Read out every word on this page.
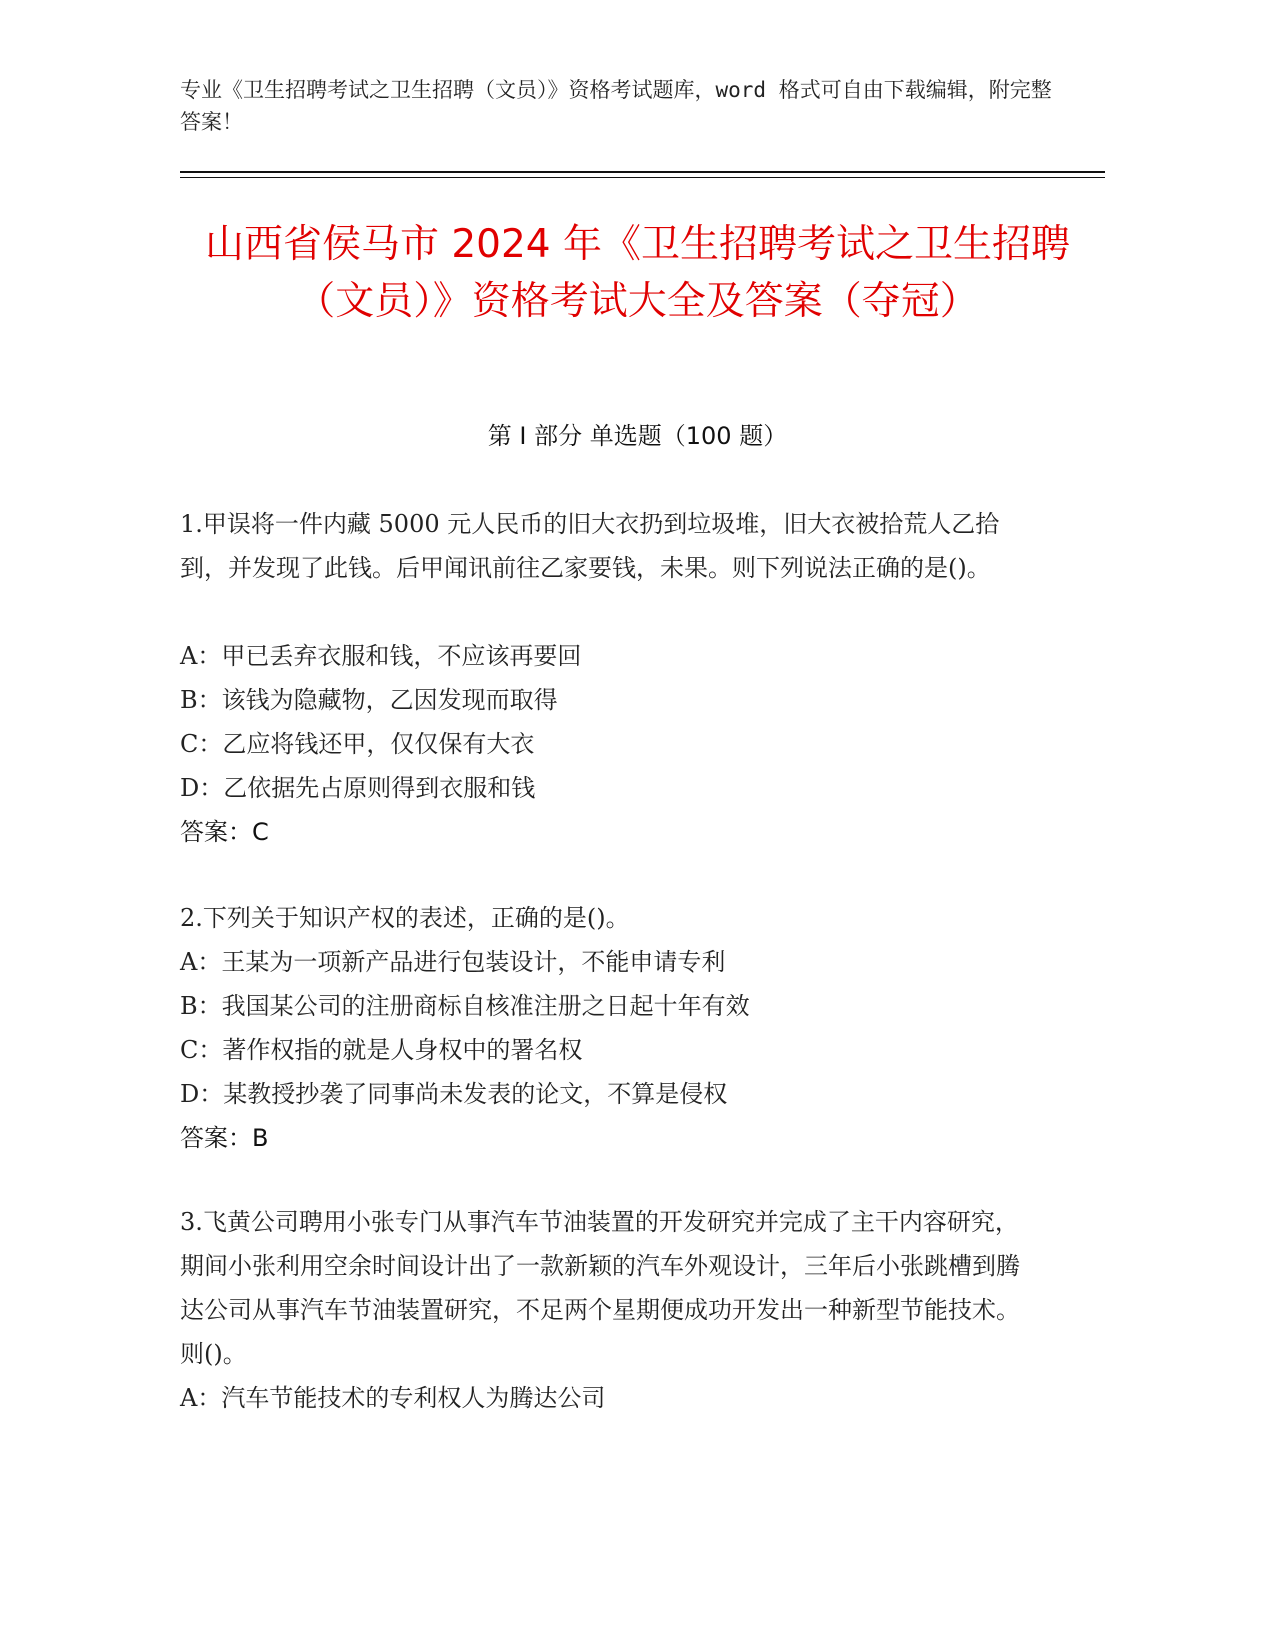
专业《卫生招聘考试之卫生招聘（文员）》资格考试题库，word 格式可自由下载编辑，附完整答案！
山西省侯马市 2024 年《卫生招聘考试之卫生招聘（文员）》资格考试大全及答案（夺冠）
第 I 部分 单选题（100 题）

1.甲误将一件内藏 5000 元人民币的旧大衣扔到垃圾堆，旧大衣被拾荒人乙拾到，并发现了此钱。后甲闻讯前往乙家要钱，未果。则下列说法正确的是()。

A：甲已丢弃衣服和钱，不应该再要回
B：该钱为隐藏物，乙因发现而取得
C：乙应将钱还甲，仅仅保有大衣
D：乙依据先占原则得到衣服和钱
答案：C

2.下列关于知识产权的表述，正确的是()。

A：王某为一项新产品进行包装设计，不能申请专利
B：我国某公司的注册商标自核准注册之日起十年有效
C：著作权指的就是人身权中的署名权
D：某教授抄袭了同事尚未发表的论文，不算是侵权
答案：B

3.飞黄公司聘用小张专门从事汽车节油装置的开发研究并完成了主干内容研究，期间小张利用空余时间设计出了一款新颖的汽车外观设计，三年后小张跳槽到腾达公司从事汽车节油装置研究，不足两个星期便成功开发出一种新型节能技术。则()。

A：汽车节能技术的专利权人为腾达公司
